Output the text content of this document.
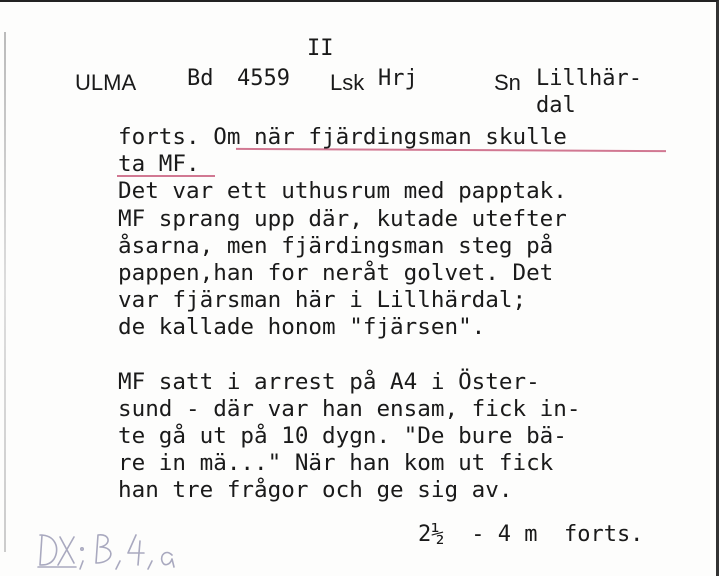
II
ULMA Bd 4559 Lsk Hrj	Sn Lillhär-
dal
forts. Om när fjärdingsman skulle
ta MF.
Det var ett uthusrum med papptak.
MF sprang upp där, kutade utefter
åsarna, men fjärdingsman steg på
pappen,han for neråt golvet. Det
var fjärsman här i Lillhärdal;
de kallade honom "fjärsen".
MF satt i arrest på A4 i Öster-
sund - där var han ensam, fick in-
te gå ut på 10 dygn. "De bure bä-
re in mä..." När han kom ut fick
han tre frågor och ge sig av.
2½ - 4 m  forts.
